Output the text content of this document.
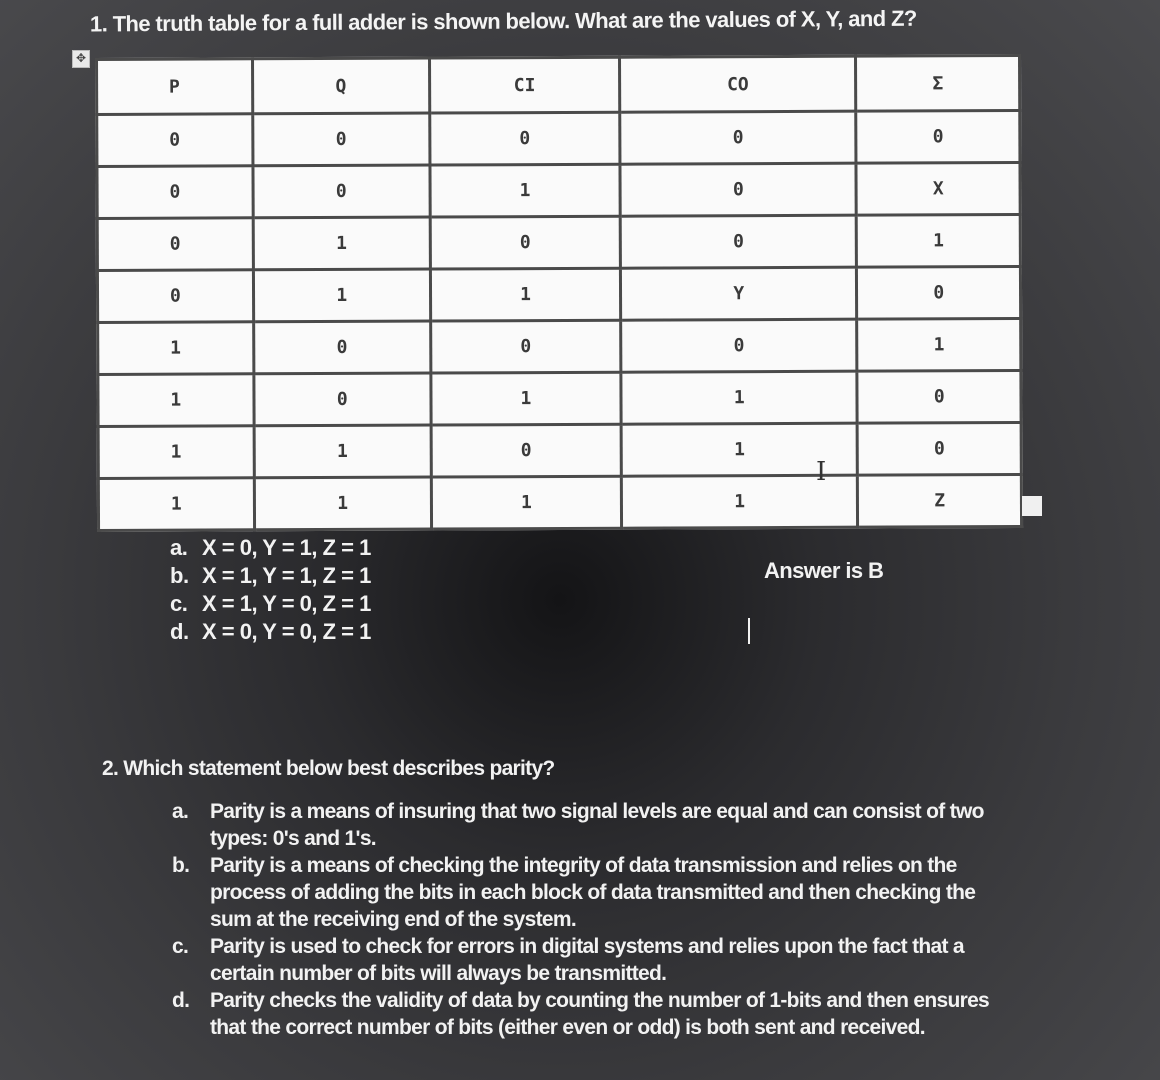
1. The truth table for a full adder is shown below. What are the values of X, Y, and Z?
✥
P	Q	CI	CO	Σ
0	0	0	0	0
0	0	1	0	X
0	1	0	0	1
0	1	1	Y	0
1	0	0	0	1
1	0	1	1	0
1	1	0	1	0
1	1	1	1	Z
I
a. X = 0, Y = 1, Z = 1
b. X = 1, Y = 1, Z = 1
c. X = 1, Y = 0, Z = 1
d. X = 0, Y = 0, Z = 1
Answer is B
2. Which statement below best describes parity?
a.	Parity is a means of insuring that two signal levels are equal and can consist of two types: 0's and 1's.
b. Parity is a means of checking the integrity of data transmission and relies on the process of adding the bits in each block of data transmitted and then checking the sum at the receiving end of the system.
c.	Parity is used to check for errors in digital systems and relies upon the fact that a certain number of bits will always be transmitted.
d. Parity checks the validity of data by counting the number of 1-bits and then ensures that the correct number of bits (either even or odd) is both sent and received.
